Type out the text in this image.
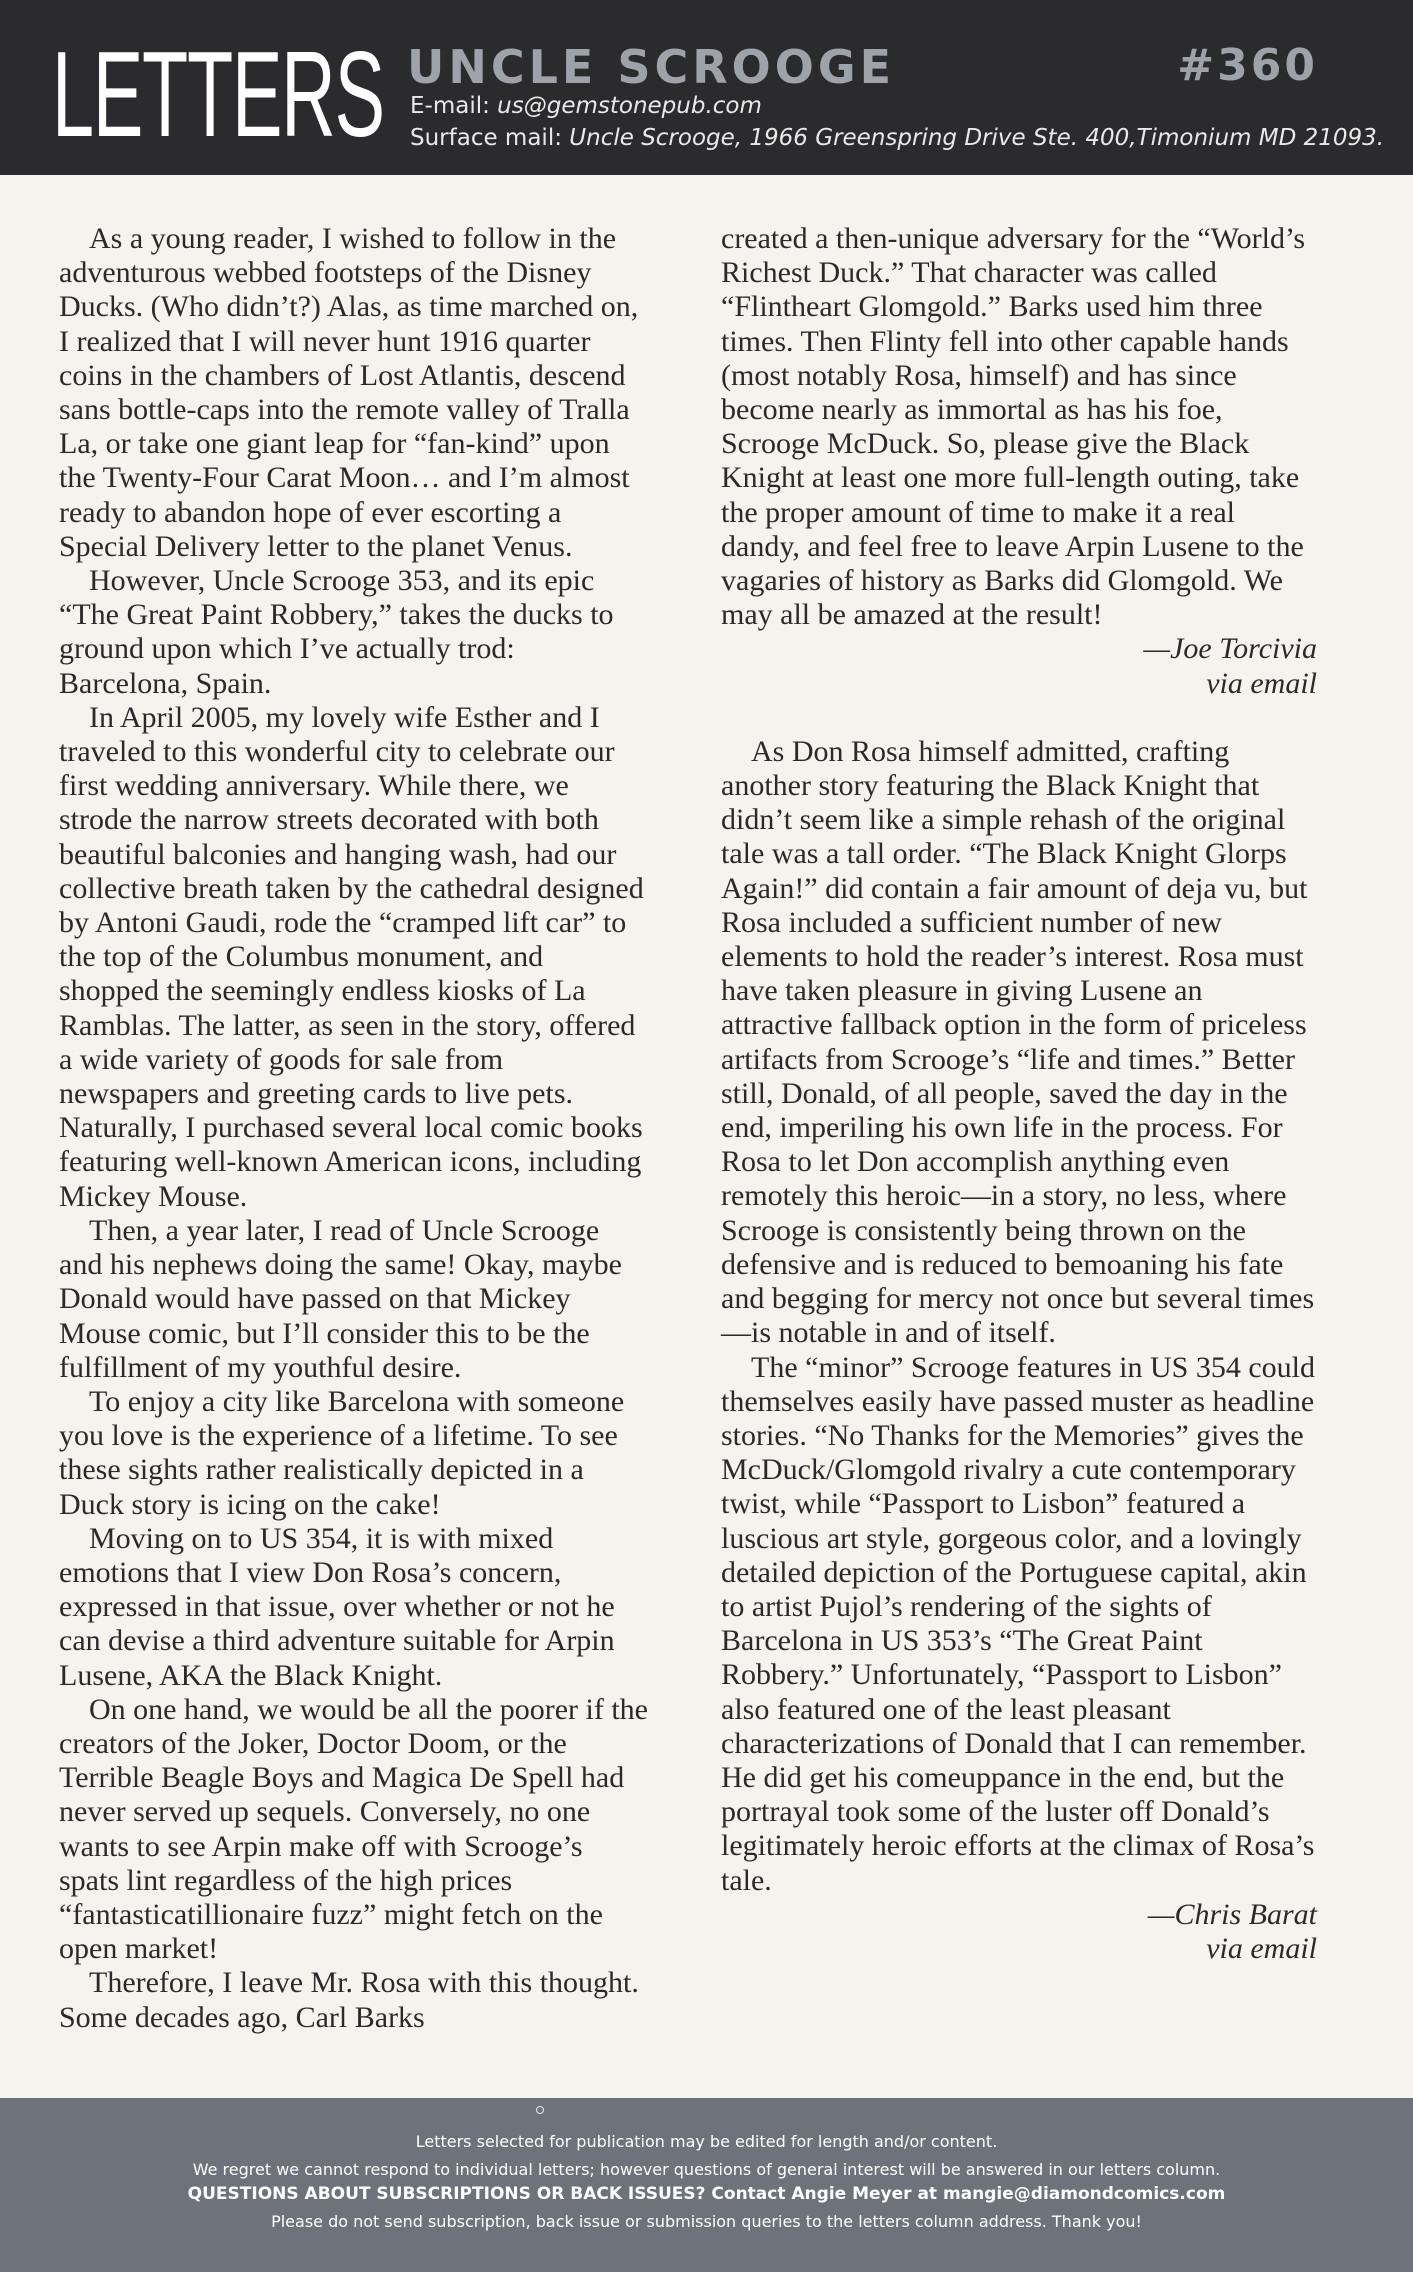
LETTERS UNCLE SCROOGE	#360
E-mail: us@gemstonepub.com
Surface mail: Uncle Scrooge, 1966 Greenspring Drive Ste. 400,Timonium MD 21093.

As a young reader, I wished to follow in the adventurous webbed footsteps of the Disney Ducks. (Who didn’t?) Alas, as time marched on, I realized that I will never hunt 1916 quarter coins in the chambers of Lost Atlantis, descend sans bottle-caps into the remote valley of Tralla La, or take one giant leap for “fan-kind” upon the Twenty-Four Carat Moon… and I’m almost ready to abandon hope of ever escorting a Special Delivery letter to the planet Venus.

However, Uncle Scrooge 353, and its epic “The Great Paint Robbery,” takes the ducks to ground upon which I’ve actually trod: Barcelona, Spain.

In April 2005, my lovely wife Esther and I traveled to this wonderful city to celebrate our first wedding anniversary. While there, we strode the narrow streets decorated with both beautiful balconies and hanging wash, had our collective breath taken by the cathedral designed by Antoni Gaudi, rode the “cramped lift car” to the top of the Columbus monument, and shopped the seemingly endless kiosks of La Ramblas. The latter, as seen in the story, offered a wide variety of goods for sale from newspapers and greeting cards to live pets. Naturally, I purchased several local comic books featuring well-known American icons, including Mickey Mouse.

Then, a year later, I read of Uncle Scrooge and his nephews doing the same! Okay, maybe Donald would have passed on that Mickey Mouse comic, but I’ll consider this to be the fulfillment of my youthful desire.

To enjoy a city like Barcelona with someone you love is the experience of a lifetime. To see these sights rather realistically depicted in a Duck story is icing on the cake!

Moving on to US 354, it is with mixed emotions that I view Don Rosa’s concern, expressed in that issue, over whether or not he can devise a third adventure suitable for Arpin Lusene, AKA the Black Knight.

On one hand, we would be all the poorer if the creators of the Joker, Doctor Doom, or the Terrible Beagle Boys and Magica De Spell had never served up sequels. Conversely, no one wants to see Arpin make off with Scrooge’s spats lint regardless of the high prices “fantasticatillionaire fuzz” might fetch on the open market!

Therefore, I leave Mr. Rosa with this thought. Some decades ago, Carl Barks

created a then-unique adversary for the “World’s Richest Duck.” That character was called “Flintheart Glomgold.” Barks used him three times. Then Flinty fell into other capable hands (most notably Rosa, himself) and has since become nearly as immortal as has his foe, Scrooge McDuck. So, please give the Black Knight at least one more full-length outing, take the proper amount of time to make it a real dandy, and feel free to leave Arpin Lusene to the vagaries of history as Barks did Glomgold. We may all be amazed at the result!

—Joe Torcivia

via email

As Don Rosa himself admitted, crafting another story featuring the Black Knight that didn’t seem like a simple rehash of the original tale was a tall order. “The Black Knight Glorps Again!” did contain a fair amount of deja vu, but Rosa included a sufficient number of new elements to hold the reader’s interest. Rosa must have taken pleasure in giving Lusene an attractive fallback option in the form of priceless artifacts from Scrooge’s “life and times.” Better still, Donald, of all people, saved the day in the end, imperiling his own life in the process. For Rosa to let Don accomplish anything even remotely this heroic—in a story, no less, where Scrooge is consistently being thrown on the defensive and is reduced to bemoaning his fate and begging for mercy not once but several times—is notable in and of itself.

The “minor” Scrooge features in US 354 could themselves easily have passed muster as headline stories. “No Thanks for the Memories” gives the McDuck/Glomgold rivalry a cute contemporary twist, while “Passport to Lisbon” featured a luscious art style, gorgeous color, and a lovingly detailed depiction of the Portuguese capital, akin to artist Pujol’s rendering of the sights of Barcelona in US 353’s “The Great Paint Robbery.” Unfortunately, “Passport to Lisbon” also featured one of the least pleasant characterizations of Donald that I can remember. He did get his comeuppance in the end, but the portrayal took some of the luster off Donald’s legitimately heroic efforts at the climax of Rosa’s tale.

—Chris Barat

via email

Letters selected for publication may be edited for length and/or content.
We regret we cannot respond to individual letters; however questions of general interest will be answered in our letters column.
QUESTIONS ABOUT SUBSCRIPTIONS OR BACK ISSUES? Contact Angie Meyer at mangie@diamondcomics.com
Please do not send subscription, back issue or submission queries to the letters column address. Thank you!
